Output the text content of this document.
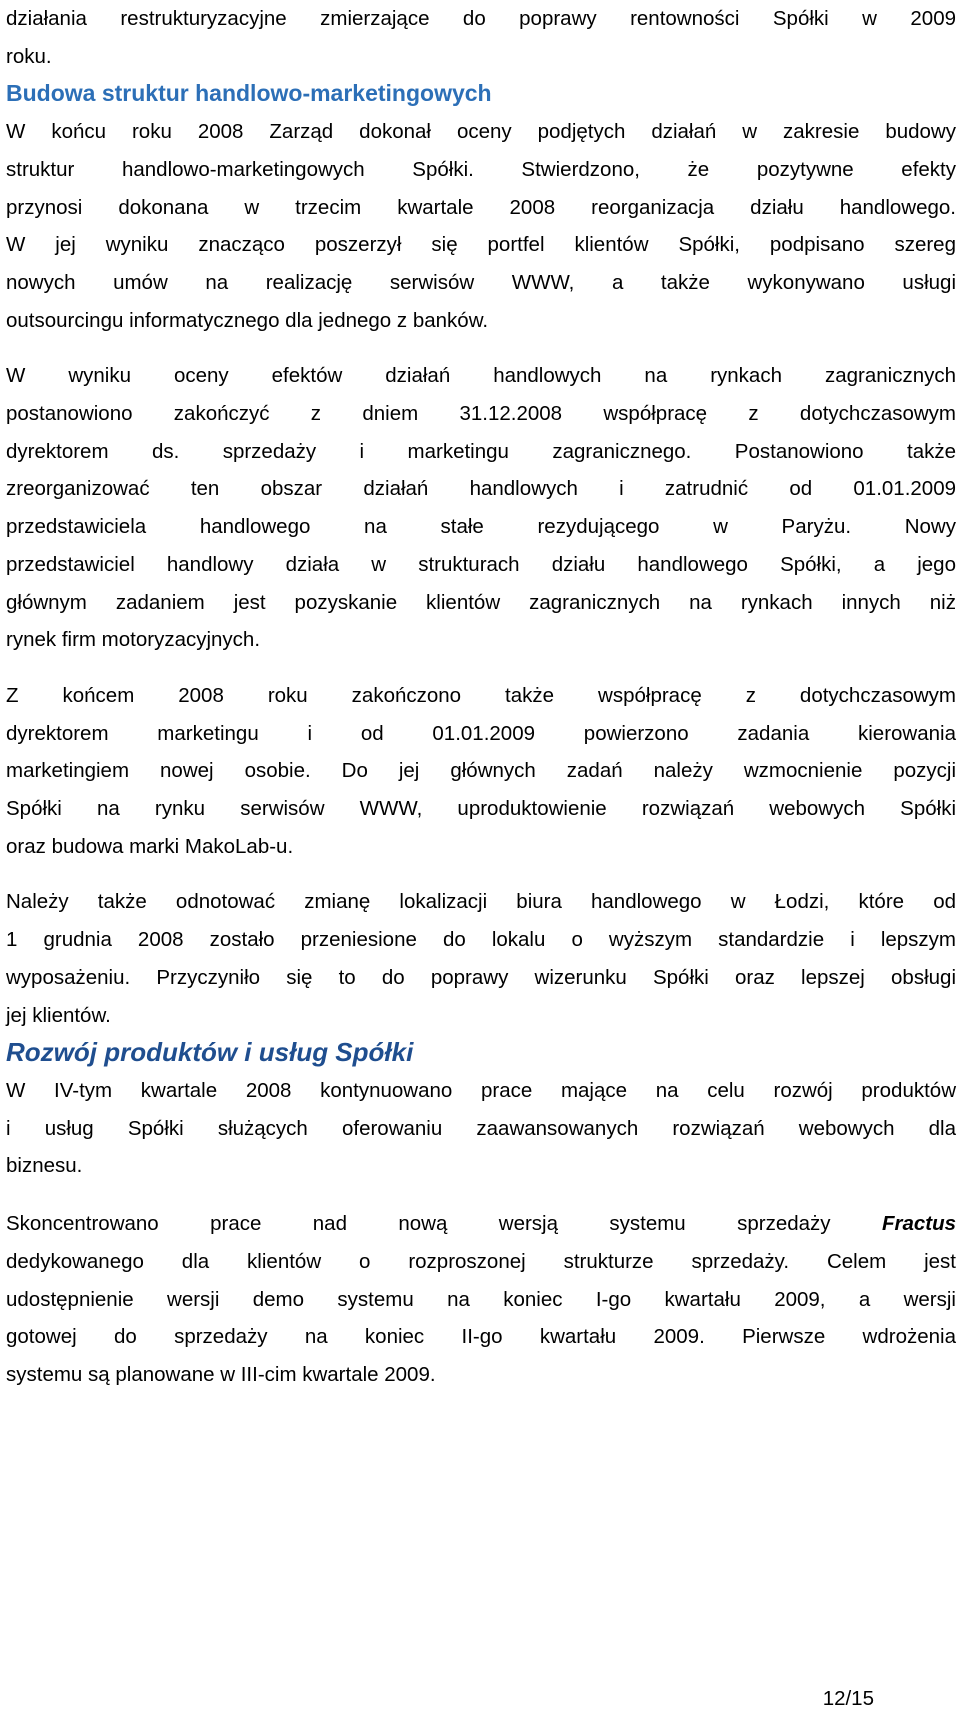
działania restrukturyzacyjne zmierzające do poprawy rentowności Spółki w 2009
roku.
Budowa struktur handlowo-marketingowych
W końcu roku 2008 Zarząd dokonał oceny podjętych działań w zakresie budowy
struktur handlowo-marketingowych Spółki. Stwierdzono, że pozytywne efekty
przynosi dokonana w trzecim kwartale 2008 reorganizacja działu handlowego.
W jej wyniku znacząco poszerzył się portfel klientów Spółki, podpisano szereg
nowych umów na realizację serwisów WWW, a także wykonywano usługi
outsourcingu informatycznego dla jednego z banków.
W wyniku oceny efektów działań handlowych na rynkach zagranicznych
postanowiono zakończyć z dniem 31.12.2008 współpracę z dotychczasowym
dyrektorem ds. sprzedaży i marketingu zagranicznego. Postanowiono także
zreorganizować ten obszar działań handlowych i zatrudnić od 01.01.2009
przedstawiciela handlowego na stałe rezydującego w Paryżu. Nowy
przedstawiciel handlowy działa w strukturach działu handlowego Spółki, a jego
głównym zadaniem jest pozyskanie klientów zagranicznych na rynkach innych niż
rynek firm motoryzacyjnych.
Z końcem 2008 roku zakończono także współpracę z dotychczasowym
dyrektorem marketingu i od 01.01.2009 powierzono zadania kierowania
marketingiem nowej osobie. Do jej głównych zadań należy wzmocnienie pozycji
Spółki na rynku serwisów WWW, uproduktowienie rozwiązań webowych Spółki
oraz budowa marki MakoLab-u.
Należy także odnotować zmianę lokalizacji biura handlowego w Łodzi, które od
1 grudnia 2008 zostało przeniesione do lokalu o wyższym standardzie i lepszym
wyposażeniu. Przyczyniło się to do poprawy wizerunku Spółki oraz lepszej obsługi
jej klientów.
Rozwój produktów i usług Spółki
W IV-tym kwartale 2008 kontynuowano prace mające na celu rozwój produktów
i usług Spółki służących oferowaniu zaawansowanych rozwiązań webowych dla
biznesu.
Skoncentrowano prace nad nową wersją systemu sprzedaży	Fractus
dedykowanego dla klientów o rozproszonej strukturze sprzedaży. Celem jest
udostępnienie wersji demo systemu na koniec I-go kwartału 2009, a wersji
gotowej do sprzedaży na koniec II-go kwartału 2009. Pierwsze wdrożenia
systemu są planowane w III-cim kwartale 2009.
12/15
